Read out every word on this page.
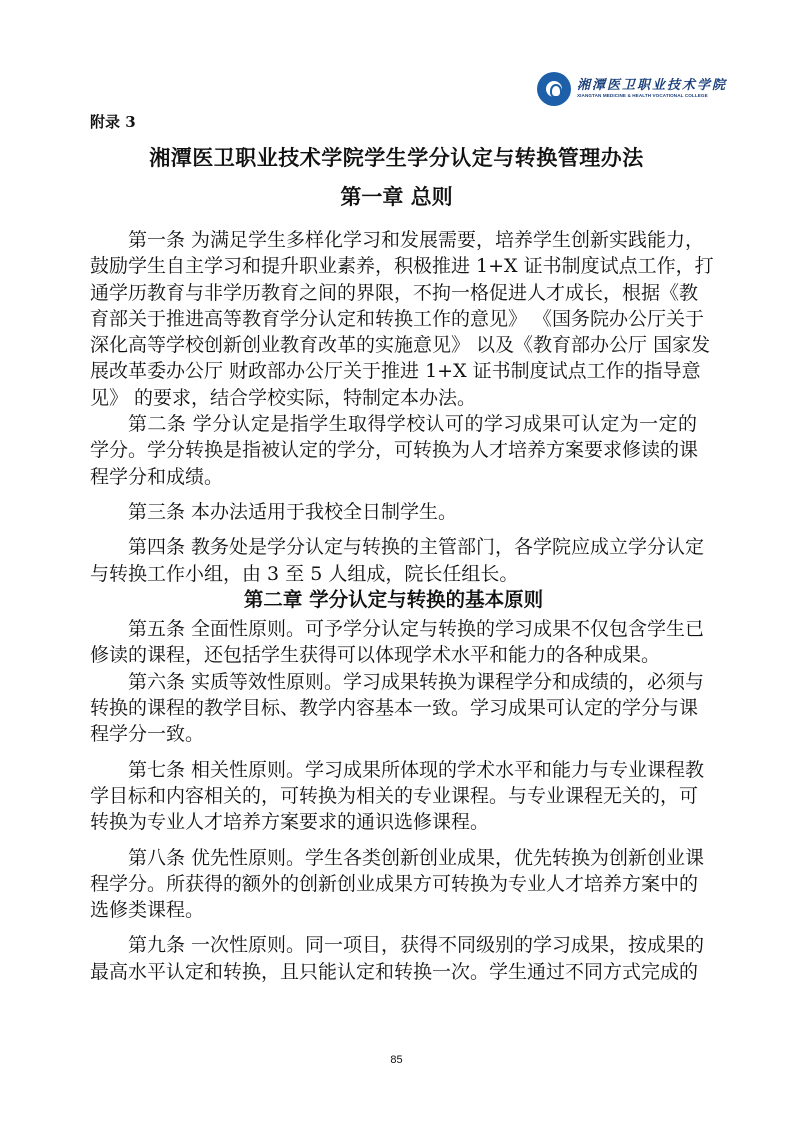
湘潭医卫职业技术学院
XIANGTAN MEDICINE & HEALTH VOCATIONAL COLLEGE
附录 3
湘潭医卫职业技术学院学生学分认定与转换管理办法
第一章 总则
第一条 为满足学生多样化学习和发展需要，培养学生创新实践能力，
鼓励学生自主学习和提升职业素养，积极推进 1+X 证书制度试点工作，打
通学历教育与非学历教育之间的界限，不拘一格促进人才成长，根据《教
育部关于推进高等教育学分认定和转换工作的意见》 《国务院办公厅关于
深化高等学校创新创业教育改革的实施意见》 以及《教育部办公厅 国家发
展改革委办公厅 财政部办公厅关于推进 1+X 证书制度试点工作的指导意
见》 的要求，结合学校实际，特制定本办法。
第二条 学分认定是指学生取得学校认可的学习成果可认定为一定的
学分。学分转换是指被认定的学分，可转换为人才培养方案要求修读的课
程学分和成绩。
第三条 本办法适用于我校全日制学生。
第四条 教务处是学分认定与转换的主管部门，各学院应成立学分认定
与转换工作小组，由 3 至 5 人组成，院长任组长。
第二章 学分认定与转换的基本原则
第五条 全面性原则。可予学分认定与转换的学习成果不仅包含学生已
修读的课程，还包括学生获得可以体现学术水平和能力的各种成果。
第六条 实质等效性原则。学习成果转换为课程学分和成绩的，必须与
转换的课程的教学目标、教学内容基本一致。学习成果可认定的学分与课
程学分一致。
第七条 相关性原则。学习成果所体现的学术水平和能力与专业课程教
学目标和内容相关的，可转换为相关的专业课程。与专业课程无关的，可
转换为专业人才培养方案要求的通识选修课程。
第八条 优先性原则。学生各类创新创业成果，优先转换为创新创业课
程学分。所获得的额外的创新创业成果方可转换为专业人才培养方案中的
选修类课程。
第九条 一次性原则。同一项目，获得不同级别的学习成果，按成果的
最高水平认定和转换，且只能认定和转换一次。学生通过不同方式完成的
85
